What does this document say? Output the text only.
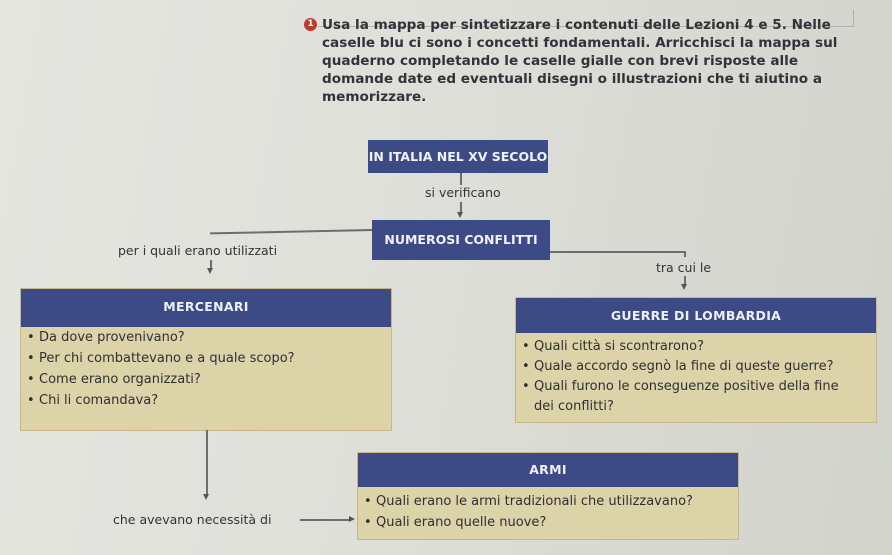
1 Usa la mappa per sintetizzare i contenuti delle Lezioni 4 e 5. Nelle caselle blu ci sono i concetti fondamentali. Arricchisci la mappa sul quaderno completando le caselle gialle con brevi risposte alle domande date ed eventuali disegni o illustrazioni che ti aiutino a memorizzare.
IN ITALIA NEL XV SECOLO
si verificano
NUMEROSI CONFLITTI
per i quali erano utilizzati
tra cui le
MERCENARI
• Da dove provenivano?
• Per chi combattevano e a quale scopo?
• Come erano organizzati?
• Chi li comandava?
GUERRE DI LOMBARDIA
• Quali città si scontrarono?
• Quale accordo segnò la fine di queste guerre?
• Quali furono le conseguenze positive della fine
dei conflitti?
che avevano necessità di
ARMI
• Quali erano le armi tradizionali che utilizzavano?
• Quali erano quelle nuove?
